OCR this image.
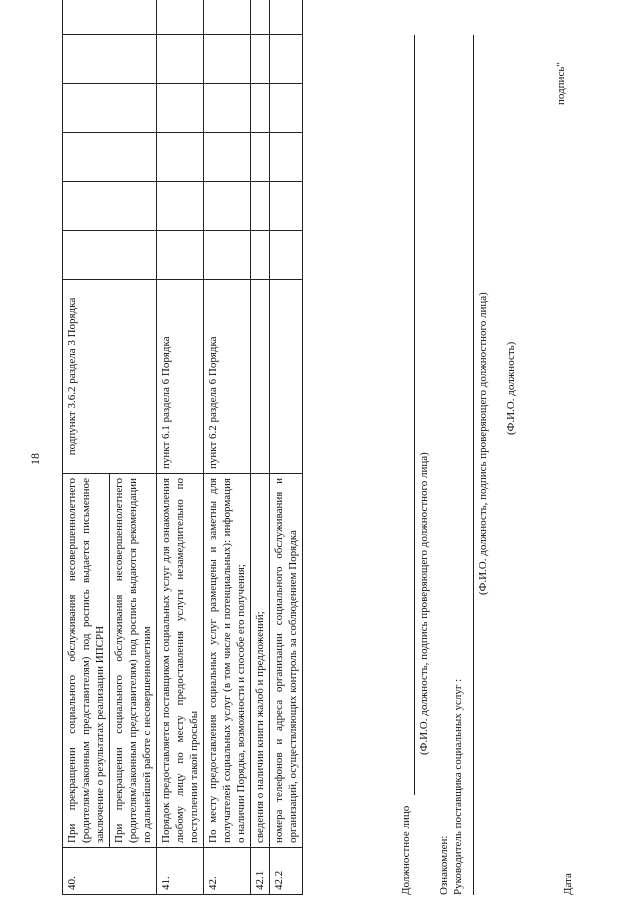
18
40.	При прекращении социального обслуживания несовершеннолетнего (родителям/законным представителям) под роспись выдается письменное заключение о результатах реализации ИПСРН При прекращении социального обслуживания несовершеннолетнего (родителям/законным представителям) под роспись выдаются рекомендации по дальнейшей работе с несовершеннолетним	подпункт 3.6.2 раздела 3 Порядка						
41.	Порядок предоставляется поставщиком социальных услуг для ознакомления любому лицу по месту предоставления услуги незамедлительно по поступлении такой просьбы	пункт 6.1 раздела 6 Порядка						
42.	По месту предоставления социальных услуг размещены и заметны для получателей социальных услуг (в том числе и потенциальных): информация о наличии Порядка, возможности и способе его получения;	пункт 6.2 раздела 6 Порядка						
42.1	сведения о наличии книги жалоб и предложений;							
42.2	номера телефонов и адреса организации социального обслуживания и организаций, осуществляющих контроль за соблюдением Порядка							
Должностное лицо
(Ф.И.О. должность, подпись проверяющего должностного лица)
Ознакомлен: Руководитель поставщика социальных услуг :
(Ф.И.О. должность, подпись проверяющего должностного лица) (Ф.И.О. должность)
Дата
подпись"
